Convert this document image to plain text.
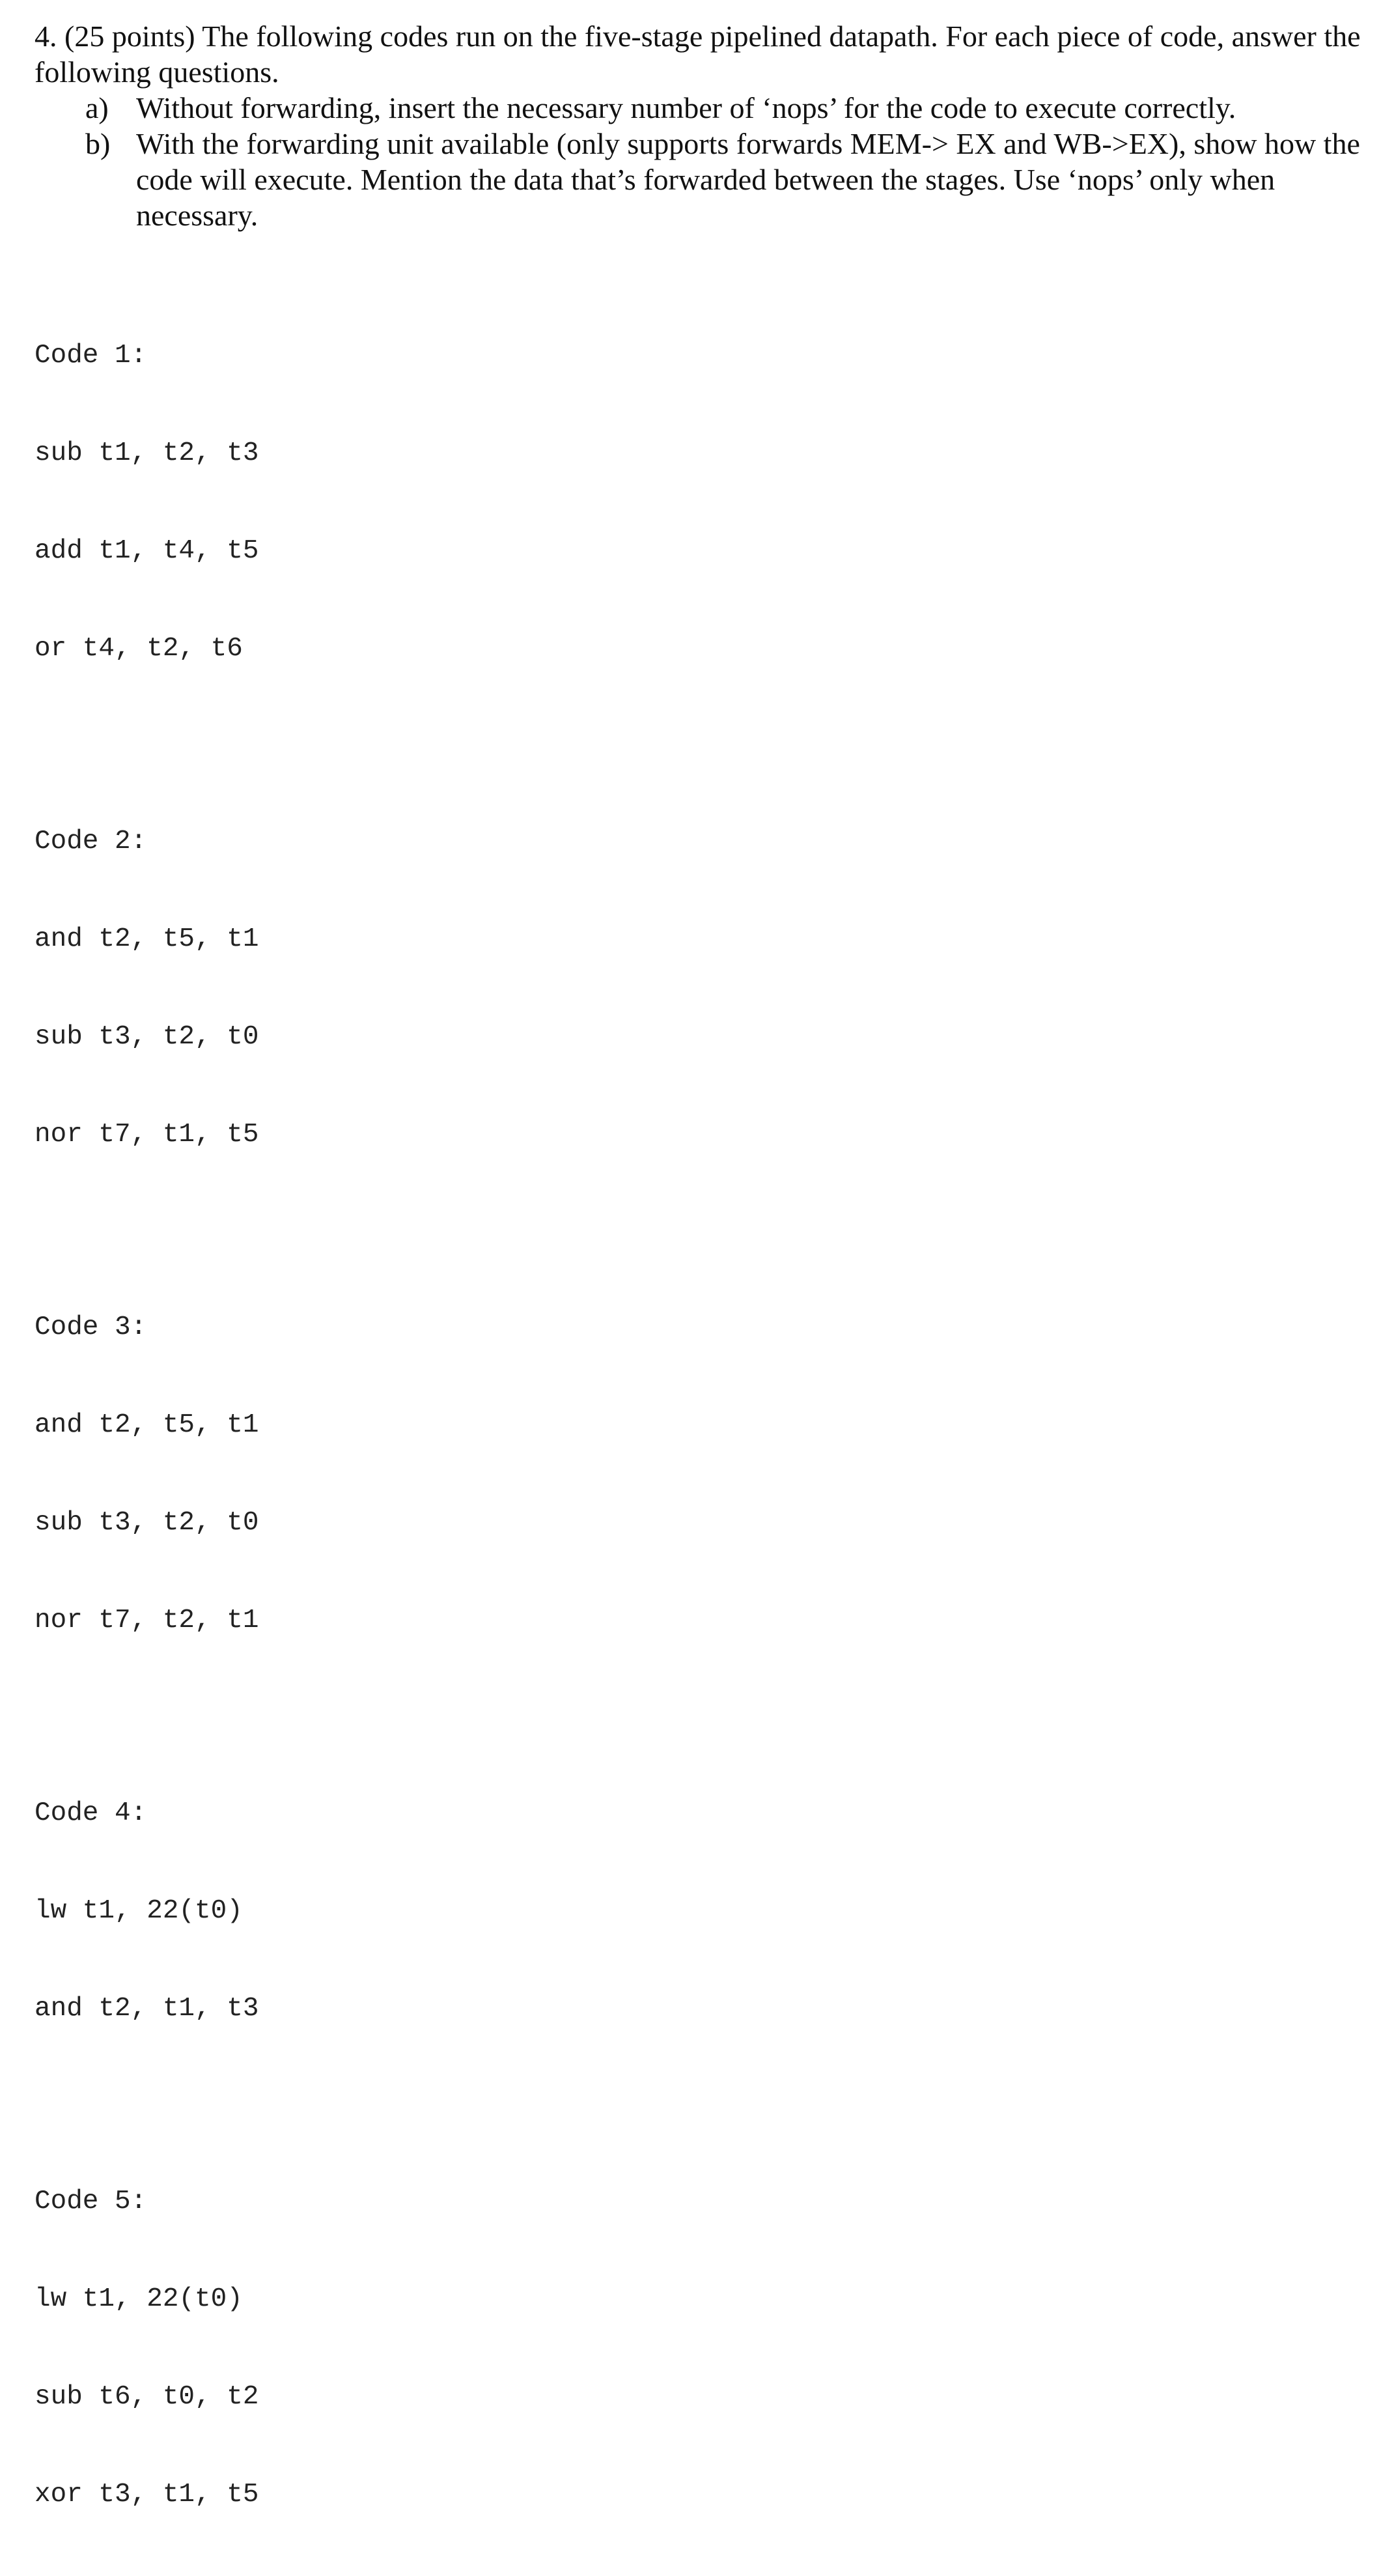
4. (25 points) The following codes run on the five-stage pipelined datapath. For each piece of code, answer the following questions.
a) Without forwarding, insert the necessary number of ‘nops’ for the code to execute correctly.
b) With the forwarding unit available (only supports forwards MEM-> EX and WB->EX), show how the code will execute. Mention the data that’s forwarded between the stages. Use ‘nops’ only when necessary.

Code 1:

sub t1, t2, t3

add t1, t4, t5

or t4, t2, t6

Code 2:

and t2, t5, t1

sub t3, t2, t0

nor t7, t1, t5

Code 3:

and t2, t5, t1

sub t3, t2, t0

nor t7, t2, t1

Code 4:

lw t1, 22(t0)

and t2, t1, t3

Code 5:

lw t1, 22(t0)

sub t6, t0, t2

xor t3, t1, t5
